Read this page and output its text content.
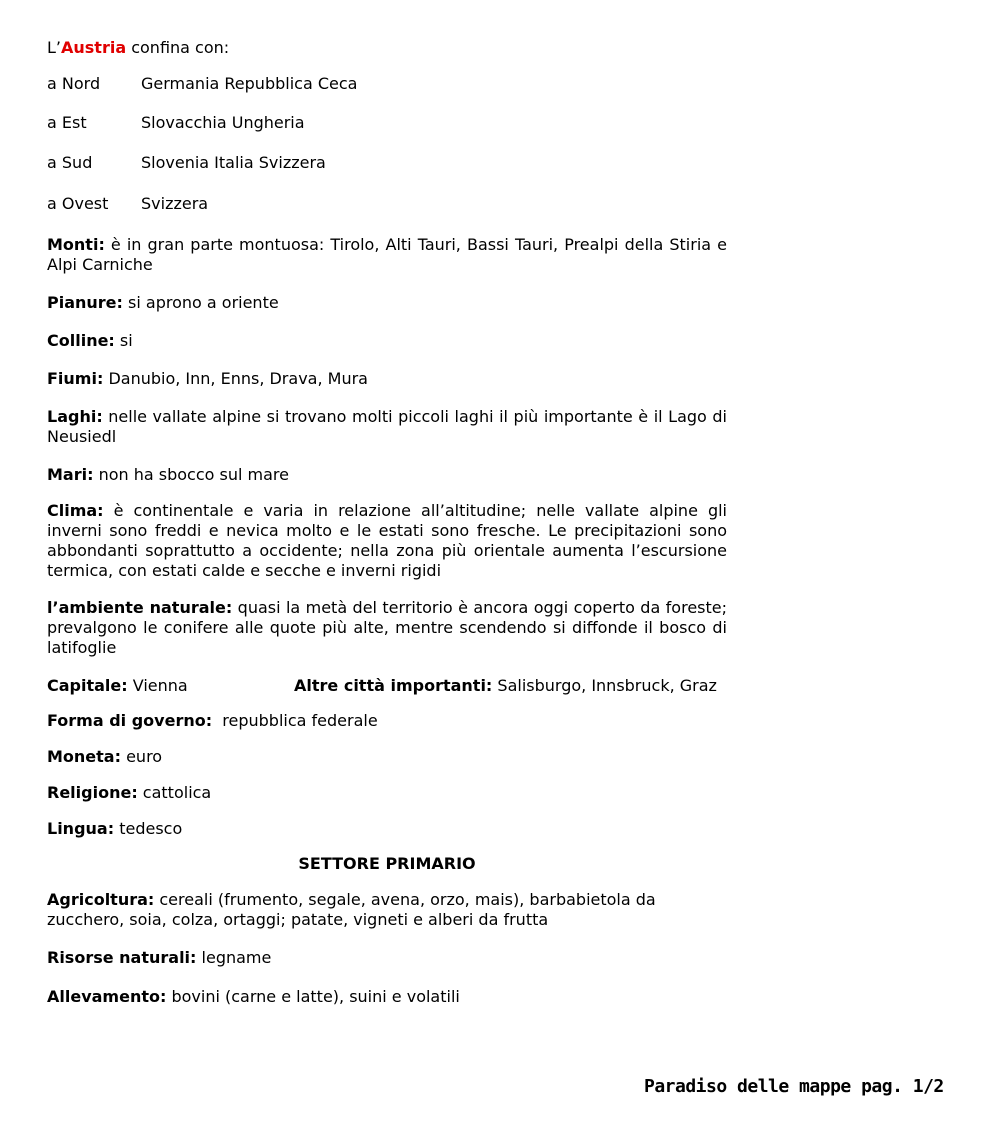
L’Austria confina con:
a Nord	Germania Repubblica Ceca
a Est	Slovacchia Ungheria
a Sud	Slovenia Italia Svizzera
a Ovest Svizzera
Monti: è in gran parte montuosa: Tirolo, Alti Tauri, Bassi Tauri, Prealpi della Stiria e Alpi Carniche
Pianure: si aprono a oriente
Colline: si
Fiumi: Danubio, Inn, Enns, Drava, Mura
Laghi: nelle vallate alpine si trovano molti piccoli laghi il più importante è il Lago di Neusiedl
Mari: non ha sbocco sul mare
Clima: è continentale e varia in relazione all’altitudine; nelle vallate alpine gli inverni sono freddi e nevica molto e le estati sono fresche. Le precipitazioni sono abbondanti soprattutto a occidente; nella zona più orientale aumenta l’escursione termica, con estati calde e secche e inverni rigidi
l’ambiente naturale: quasi la metà del territorio è ancora oggi coperto da foreste; prevalgono le conifere alle quote più alte, mentre scendendo si diffonde il bosco di latifoglie
Capitale: Vienna	Altre città importanti: Salisburgo, Innsbruck, Graz
Forma di governo:  repubblica federale
Moneta: euro
Religione: cattolica
Lingua: tedesco
SETTORE PRIMARIO
Agricoltura: cereali (frumento, segale, avena, orzo, mais), barbabietola da zucchero, soia, colza, ortaggi; patate, vigneti e alberi da frutta
Risorse naturali: legname
Allevamento: bovini (carne e latte), suini e volatili
Paradiso delle mappe pag. 1/2
